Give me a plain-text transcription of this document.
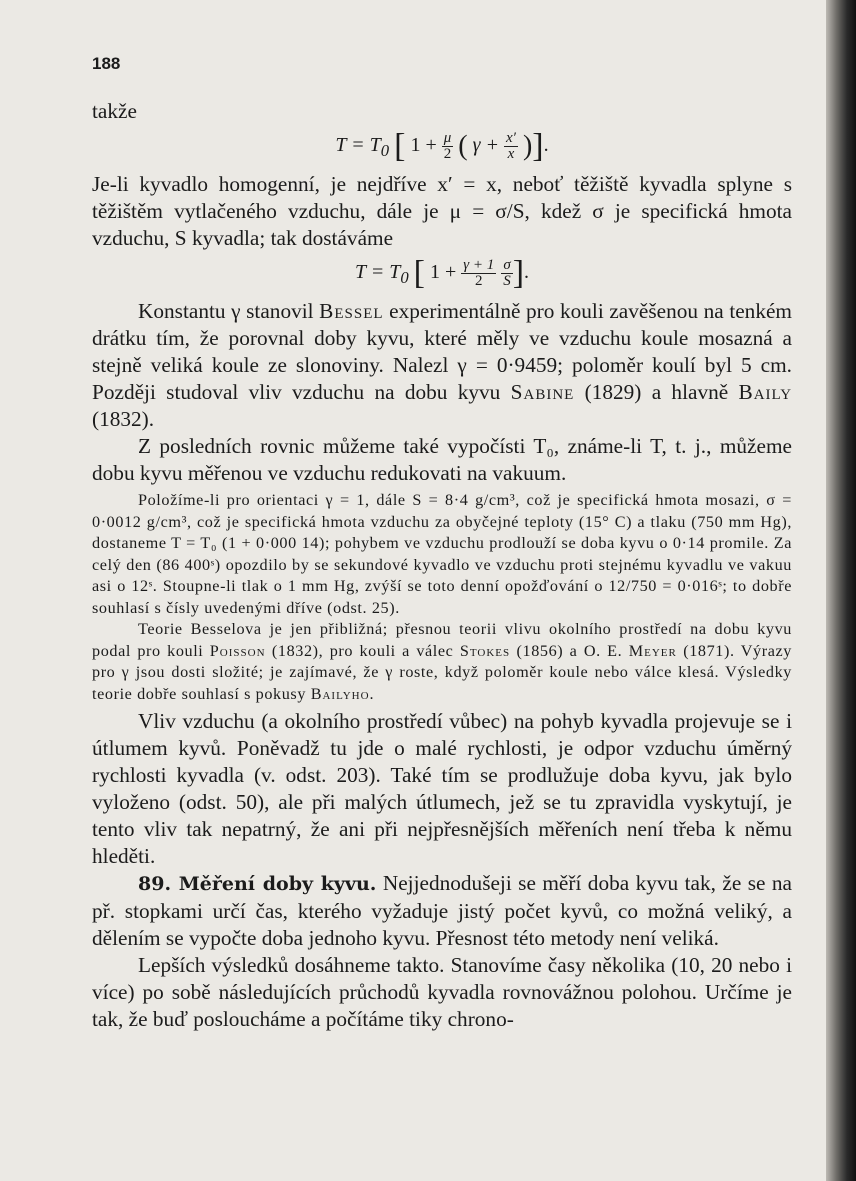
188

takže

$T = T_0$ [ $1 + \frac{\mu}{2}$ ( $\gamma + \frac{x'}{x}$ )].

Je-li kyvadlo homogenní, je nejdříve x′ = x, neboť těžiště kyvadla splyne s těžištěm vytlačeného vzduchu, dále je μ = σ/S, kdež σ je specifická hmota vzduchu, S kyvadla; tak dostáváme

$T = T_0$ [ $1 + \frac{\gamma + 1}{2}$
$\frac{\sigma}{S}$ ].

Konstantu γ stanovil Bessel experimentálně pro kouli zavěšenou na tenkém drátku tím, že porovnal doby kyvu, které měly ve vzduchu koule mosazná a stejně veliká koule ze slonoviny. Nalezl γ = 0·9459; poloměr koulí byl 5 cm. Později studoval vliv vzduchu na dobu kyvu Sabine (1829) a hlavně Baily (1832).

Z posledních rovnic můžeme také vypočísti T₀, známe-li T, t. j., můžeme dobu kyvu měřenou ve vzduchu redukovati na vakuum.

Položíme-li pro orientaci γ = 1, dále S = 8·4 g/cm³, což je specifická hmota mosazi, σ = 0·0012 g/cm³, což je specifická hmota vzduchu za obyčejné teploty (15° C) a tlaku (750 mm Hg), dostaneme T = T₀ (1 + 0·000 14); pohybem ve vzduchu prodlouží se doba kyvu o 0·14 promile. Za celý den (86 400ˢ) opozdilo by se sekundové kyvadlo ve vzduchu proti stejnému kyvadlu ve vakuu asi o 12ˢ. Stoupne-li tlak o 1 mm Hg, zvýší se toto denní opožďování o 12/750 = 0·016ˢ; to dobře souhlasí s čísly uvedenými dříve (odst. 25).

Teorie Besselova je jen přibližná; přesnou teorii vlivu okolního prostředí na dobu kyvu podal pro kouli Poisson (1832), pro kouli a válec Stokes (1856) a O. E. Meyer (1871). Výrazy pro γ jsou dosti složité; je zajímavé, že γ roste, když poloměr koule nebo válce klesá. Výsledky teorie dobře souhlasí s pokusy Bailyho.

Vliv vzduchu (a okolního prostředí vůbec) na pohyb kyvadla projevuje se i útlumem kyvů. Poněvadž tu jde o malé rychlosti, je odpor vzduchu úměrný rychlosti kyvadla (v. odst. 203). Také tím se prodlužuje doba kyvu, jak bylo vyloženo (odst. 50), ale při malých útlumech, jež se tu zpravidla vyskytují, je tento vliv tak nepatrný, že ani při nejpřesnějších měřeních není třeba k němu hleděti.

89. Měření doby kyvu. Nejjednodušeji se měří doba kyvu tak, že se na př. stopkami určí čas, kterého vyžaduje jistý počet kyvů, co možná veliký, a dělením se vypočte doba jednoho kyvu. Přesnost této metody není veliká.

Lepších výsledků dosáhneme takto. Stanovíme časy několika (10, 20 nebo i více) po sobě následujících průchodů kyvadla rovnovážnou polohou. Určíme je tak, že buď posloucháme a počítáme tiky chrono-
